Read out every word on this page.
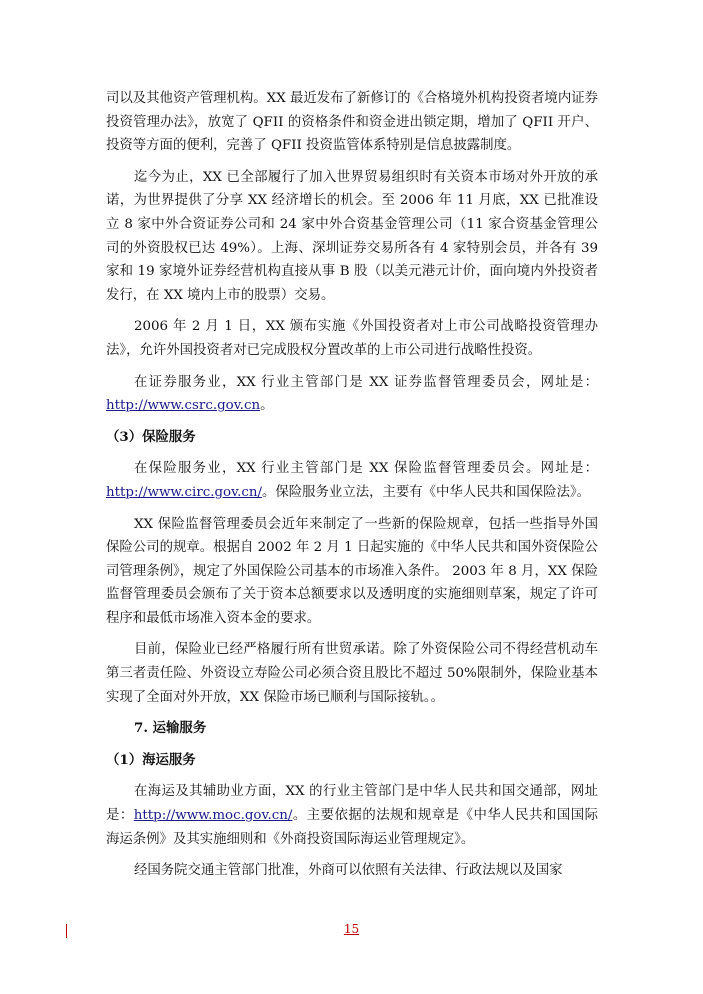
司以及其他资产管理机构。XX 最近发布了新修订的《合格境外机构投资者境内证券投资管理办法》，放宽了 QFII 的资格条件和资金进出锁定期，增加了 QFII 开户、投资等方面的便利，完善了 QFII 投资监管体系特别是信息披露制度。

迄今为止，XX 已全部履行了加入世界贸易组织时有关资本市场对外开放的承诺，为世界提供了分享 XX 经济增长的机会。至 2006 年 11 月底，XX 已批准设立 8 家中外合资证券公司和 24 家中外合资基金管理公司（11 家合资基金管理公司的外资股权已达 49%）。上海、深圳证券交易所各有 4 家特别会员，并各有 39 家和 19 家境外证券经营机构直接从事 B 股（以美元港元计价，面向境内外投资者发行，在 XX 境内上市的股票）交易。

2006 年 2 月 1 日，XX 颁布实施《外国投资者对上市公司战略投资管理办法》，允许外国投资者对已完成股权分置改革的上市公司进行战略性投资。

在证券服务业，XX 行业主管部门是 XX 证券监督管理委员会，网址是：http://www.csrc.gov.cn。

（3）保险服务

在保险服务业，XX 行业主管部门是 XX 保险监督管理委员会。网址是：http://www.circ.gov.cn/。保险服务业立法，主要有《中华人民共和国保险法》。

XX 保险监督管理委员会近年来制定了一些新的保险规章，包括一些指导外国保险公司的规章。根据自 2002 年 2 月 1 日起实施的《中华人民共和国外资保险公司管理条例》，规定了外国保险公司基本的市场准入条件。 2003 年 8 月，XX 保险监督管理委员会颁布了关于资本总额要求以及透明度的实施细则草案，规定了许可程序和最低市场准入资本金的要求。

目前，保险业已经严格履行所有世贸承诺。除了外资保险公司不得经营机动车第三者责任险、外资设立寿险公司必须合资且股比不超过 50%限制外，保险业基本实现了全面对外开放，XX 保险市场已顺利与国际接轨。。

7. 运输服务
（1）海运服务

在海运及其辅助业方面，XX 的行业主管部门是中华人民共和国交通部，网址是：http://www.moc.gov.cn/。主要依据的法规和规章是《中华人民共和国国际海运条例》及其实施细则和《外商投资国际海运业管理规定》。

经国务院交通主管部门批准，外商可以依照有关法律、行政法规以及国家

15
